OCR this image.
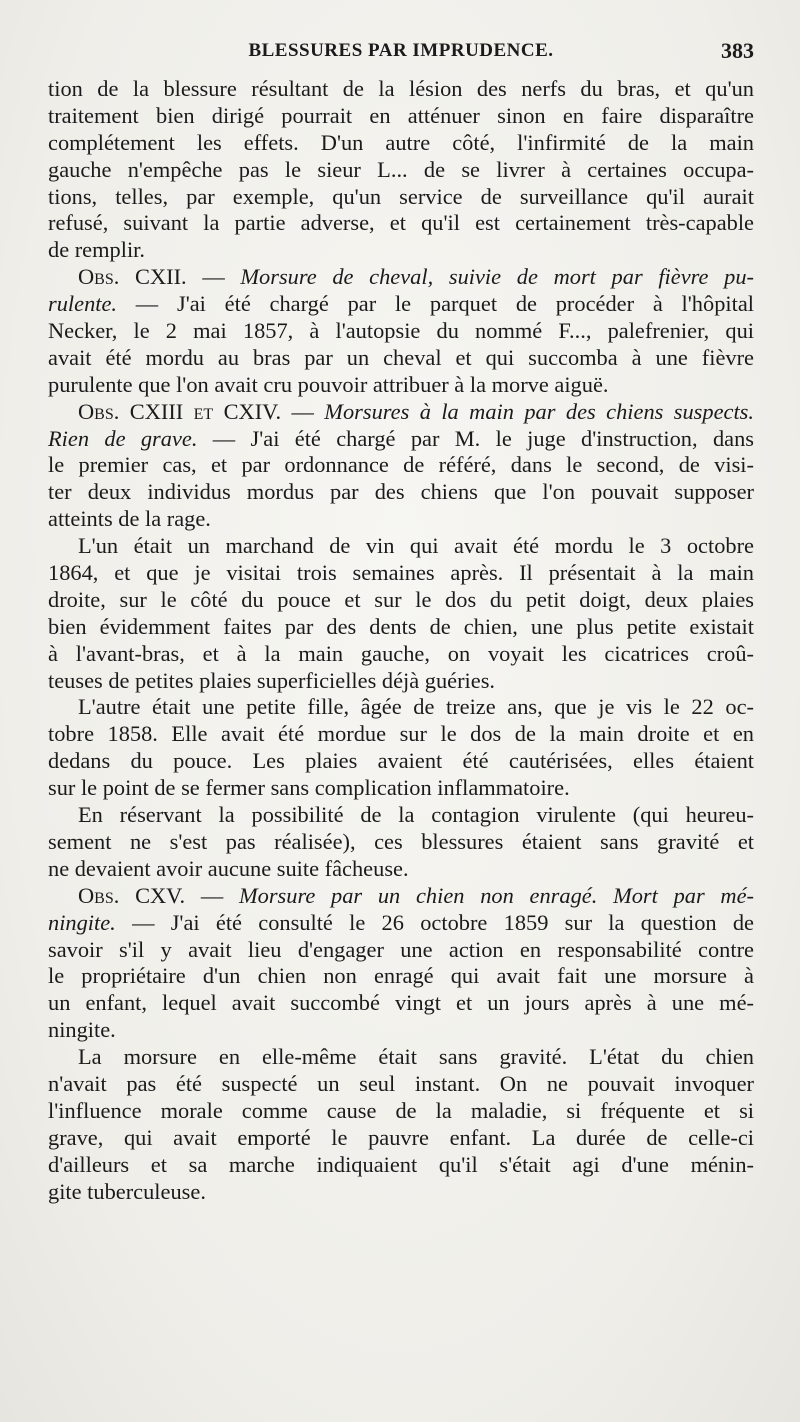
BLESSURES PAR IMPRUDENCE.	383
tion de la blessure résultant de la lésion des nerfs du bras, et qu'un
traitement bien dirigé pourrait en atténuer sinon en faire disparaître
complétement les effets. D'un autre côté, l'infirmité de la main
gauche n'empêche pas le sieur L... de se livrer à certaines occupa-
tions, telles, par exemple, qu'un service de surveillance qu'il aurait
refusé, suivant la partie adverse, et qu'il est certainement très-capable
de remplir.
Obs. CXII. — Morsure de cheval, suivie de mort par fièvre pu-
rulente. — J'ai été chargé par le parquet de procéder à l'hôpital
Necker, le 2 mai 1857, à l'autopsie du nommé F..., palefrenier, qui
avait été mordu au bras par un cheval et qui succomba à une fièvre
purulente que l'on avait cru pouvoir attribuer à la morve aiguë.
Obs. CXIII et CXIV. — Morsures à la main par des chiens suspects.
Rien de grave. — J'ai été chargé par M. le juge d'instruction, dans
le premier cas, et par ordonnance de référé, dans le second, de visi-
ter deux individus mordus par des chiens que l'on pouvait supposer
atteints de la rage.
L'un était un marchand de vin qui avait été mordu le 3 octobre
1864, et que je visitai trois semaines après. Il présentait à la main
droite, sur le côté du pouce et sur le dos du petit doigt, deux plaies
bien évidemment faites par des dents de chien, une plus petite existait
à l'avant-bras, et à la main gauche, on voyait les cicatrices croû-
teuses de petites plaies superficielles déjà guéries.
L'autre était une petite fille, âgée de treize ans, que je vis le 22 oc-
tobre 1858. Elle avait été mordue sur le dos de la main droite et en
dedans du pouce. Les plaies avaient été cautérisées, elles étaient
sur le point de se fermer sans complication inflammatoire.
En réservant la possibilité de la contagion virulente (qui heureu-
sement ne s'est pas réalisée), ces blessures étaient sans gravité et
ne devaient avoir aucune suite fâcheuse.
Obs. CXV. — Morsure par un chien non enragé. Mort par mé-
ningite. — J'ai été consulté le 26 octobre 1859 sur la question de
savoir s'il y avait lieu d'engager une action en responsabilité contre
le propriétaire d'un chien non enragé qui avait fait une morsure à
un enfant, lequel avait succombé vingt et un jours après à une mé-
ningite.
La morsure en elle-même était sans gravité. L'état du chien
n'avait pas été suspecté un seul instant. On ne pouvait invoquer
l'influence morale comme cause de la maladie, si fréquente et si
grave, qui avait emporté le pauvre enfant. La durée de celle-ci
d'ailleurs et sa marche indiquaient qu'il s'était agi d'une ménin-
gite tuberculeuse.
